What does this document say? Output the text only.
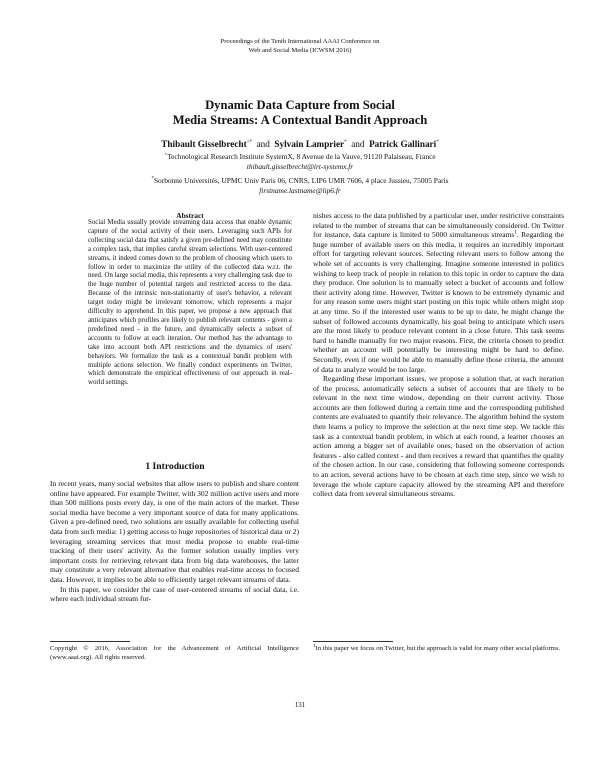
Proceedings of the Tenth International AAAI Conference on
Web and Social Media (ICWSM 2016)
Dynamic Data Capture from Social
Media Streams: A Contextual Bandit Approach
Thibault Gisselbrecht+* and Sylvain Lamprier* and Patrick Gallinari*
+Technological Research Institute SystemX, 8 Avenue de la Vauve, 91120 Palaiseau, France
thibault.gisselbrecht@irt-systemx.fr
*Sorbonne Universités, UPMC Univ Paris 06, CNRS, LIP6 UMR 7606, 4 place Jussieu, 75005 Paris
firstname.lastname@lip6.fr
Abstract
Social Media usually provide streaming data access that enable dynamic capture of the social activity of their users. Leveraging such APIs for collecting social data that satisfy a given pre-defined need may constitute a complex task, that implies careful stream selections. With user-centered streams, it indeed comes down to the problem of choosing which users to follow in order to maximize the utility of the collected data w.r.t. the need. On large social media, this represents a very challenging task due to the huge number of potential targets and restricted access to the data. Because of the intrinsic non-stationarity of user's behavior, a relevant target today might be irrelevant tomorrow, which represents a major difficulty to apprehend. In this paper, we propose a new approach that anticipates which profiles are likely to publish relevant contents - given a predefined need - in the future, and dynamically selects a subset of accounts to follow at each iteration. Our method has the advantage to take into account both API restrictions and the dynamics of users' behaviors. We formalize the task as a contextual bandit problem with multiple actions selection. We finally conduct experiments on Twitter, which demonstrate the empirical effectiveness of our approach in real-world settings.
1 Introduction

In recent years, many social websites that allow users to publish and share content online have appeared. For example Twitter, with 302 million active users and more than 500 millions posts every day, is one of the main actors of the market. These social media have become a very important source of data for many applications. Given a pre-defined need, two solutions are usually available for collecting useful data from such media: 1) getting access to huge repositories of historical data or 2) leveraging streaming services that most media propose to enable real-time tracking of their users' activity. As the former solution usually implies very important costs for retrieving relevant data from big data warehouses, the latter may constitute a very relevant alternative that enables real-time access to focused data. However, it implies to be able to efficiently target relevant streams of data.

In this paper, we consider the case of user-centered streams of social data, i.e. where each individual stream fur-

Copyright © 2016, Association for the Advancement of Artificial Intelligence (www.aaai.org). All rights reserved.

nishes access to the data published by a particular user, under restrictive constraints related to the number of streams that can be simultaneously considered. On Twitter for instance, data capture is limited to 5000 simultaneous streams$^1$. Regarding the huge number of available users on this media, it requires an incredibly important effort for targeting relevant sources. Selecting relevant users to follow among the whole set of accounts is very challenging. Imagine someone interested in politics wishing to keep track of people in relation to this topic in order to capture the data they produce. One solution is to manually select a bucket of accounts and follow their activity along time. However, Twitter is known to be extremely dynamic and for any reason some users might start posting on this topic while others might stop at any time. So if the interested user wants to be up to date, he might change the subset of followed accounts dynamically, his goal being to anticipate which users are the most likely to produce relevant content in a close future. This task seems hard to handle manually for two major reasons. First, the criteria chosen to predict whether an account will potentially be interesting might be hard to define. Secondly, even if one would be able to manually define those criteria, the amount of data to analyze would be too large.

Regarding these important issues, we propose a solution that, at each iteration of the process, automatically selects a subset of accounts that are likely to be relevant in the next time window, depending on their current activity. Those accounts are then followed during a certain time and the corresponding published contents are evaluated to quantify their relevance. The algorithm behind the system then learns a policy to improve the selection at the next time step. We tackle this task as a contextual bandit problem, in which at each round, a learner chooses an action among a bigger set of available ones, based on the observation of action features - also called context - and then receives a reward that quantifies the quality of the chosen action. In our case, considering that following someone corresponds to an action, several actions have to be chosen at each time step, since we wish to leverage the whole capture capacity allowed by the streaming API and therefore collect data from several simultaneous streams.

$^1$In this paper we focus on Twitter, but the approach is valid for many other social platforms.
131
